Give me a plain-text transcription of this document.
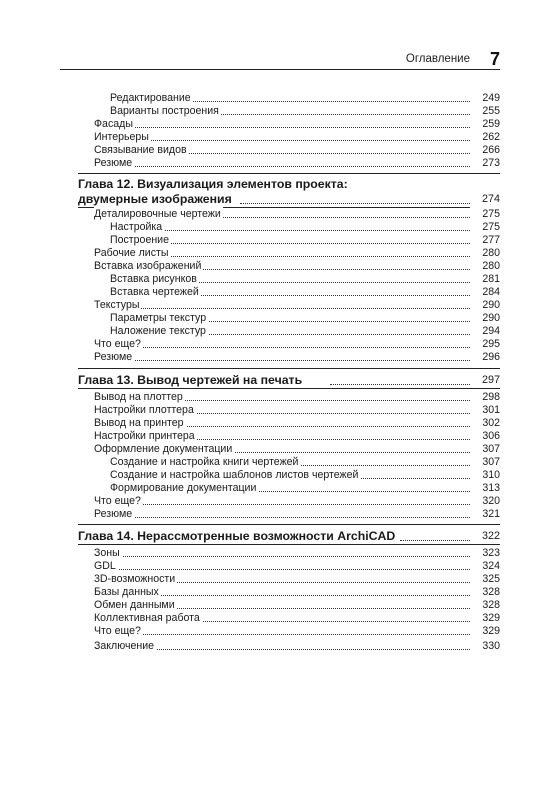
Оглавление 7
Редактирование	249
Варианты построения	255
Фасады	259
Интерьеры	262
Связывание видов	266
Резюме	273
Глава 12. Визуализация элементов проекта:
двумерные изображения	274
Деталировочные чертежи	275
Настройка	275
Построение	277
Рабочие листы	280
Вставка изображений	280
Вставка рисунков	281
Вставка чертежей	284
Текстуры	290
Параметры текстур	290
Наложение текстур	294
Что еще?	295
Резюме	296
Глава 13. Вывод чертежей на печать	297
Вывод на плоттер	298
Настройки плоттера	301
Вывод на принтер	302
Настройки принтера	306
Оформление документации	307
Создание и настройка книги чертежей	307
Создание и настройка шаблонов листов чертежей	310
Формирование документации	313
Что еще?	320
Резюме	321
Глава 14. Нерассмотренные возможности ArchiCAD	322
Зоны	323
GDL	324
3D-возможности	325
Базы данных	328
Обмен данными	328
Коллективная работа	329
Что еще?	329
Заключение	330
